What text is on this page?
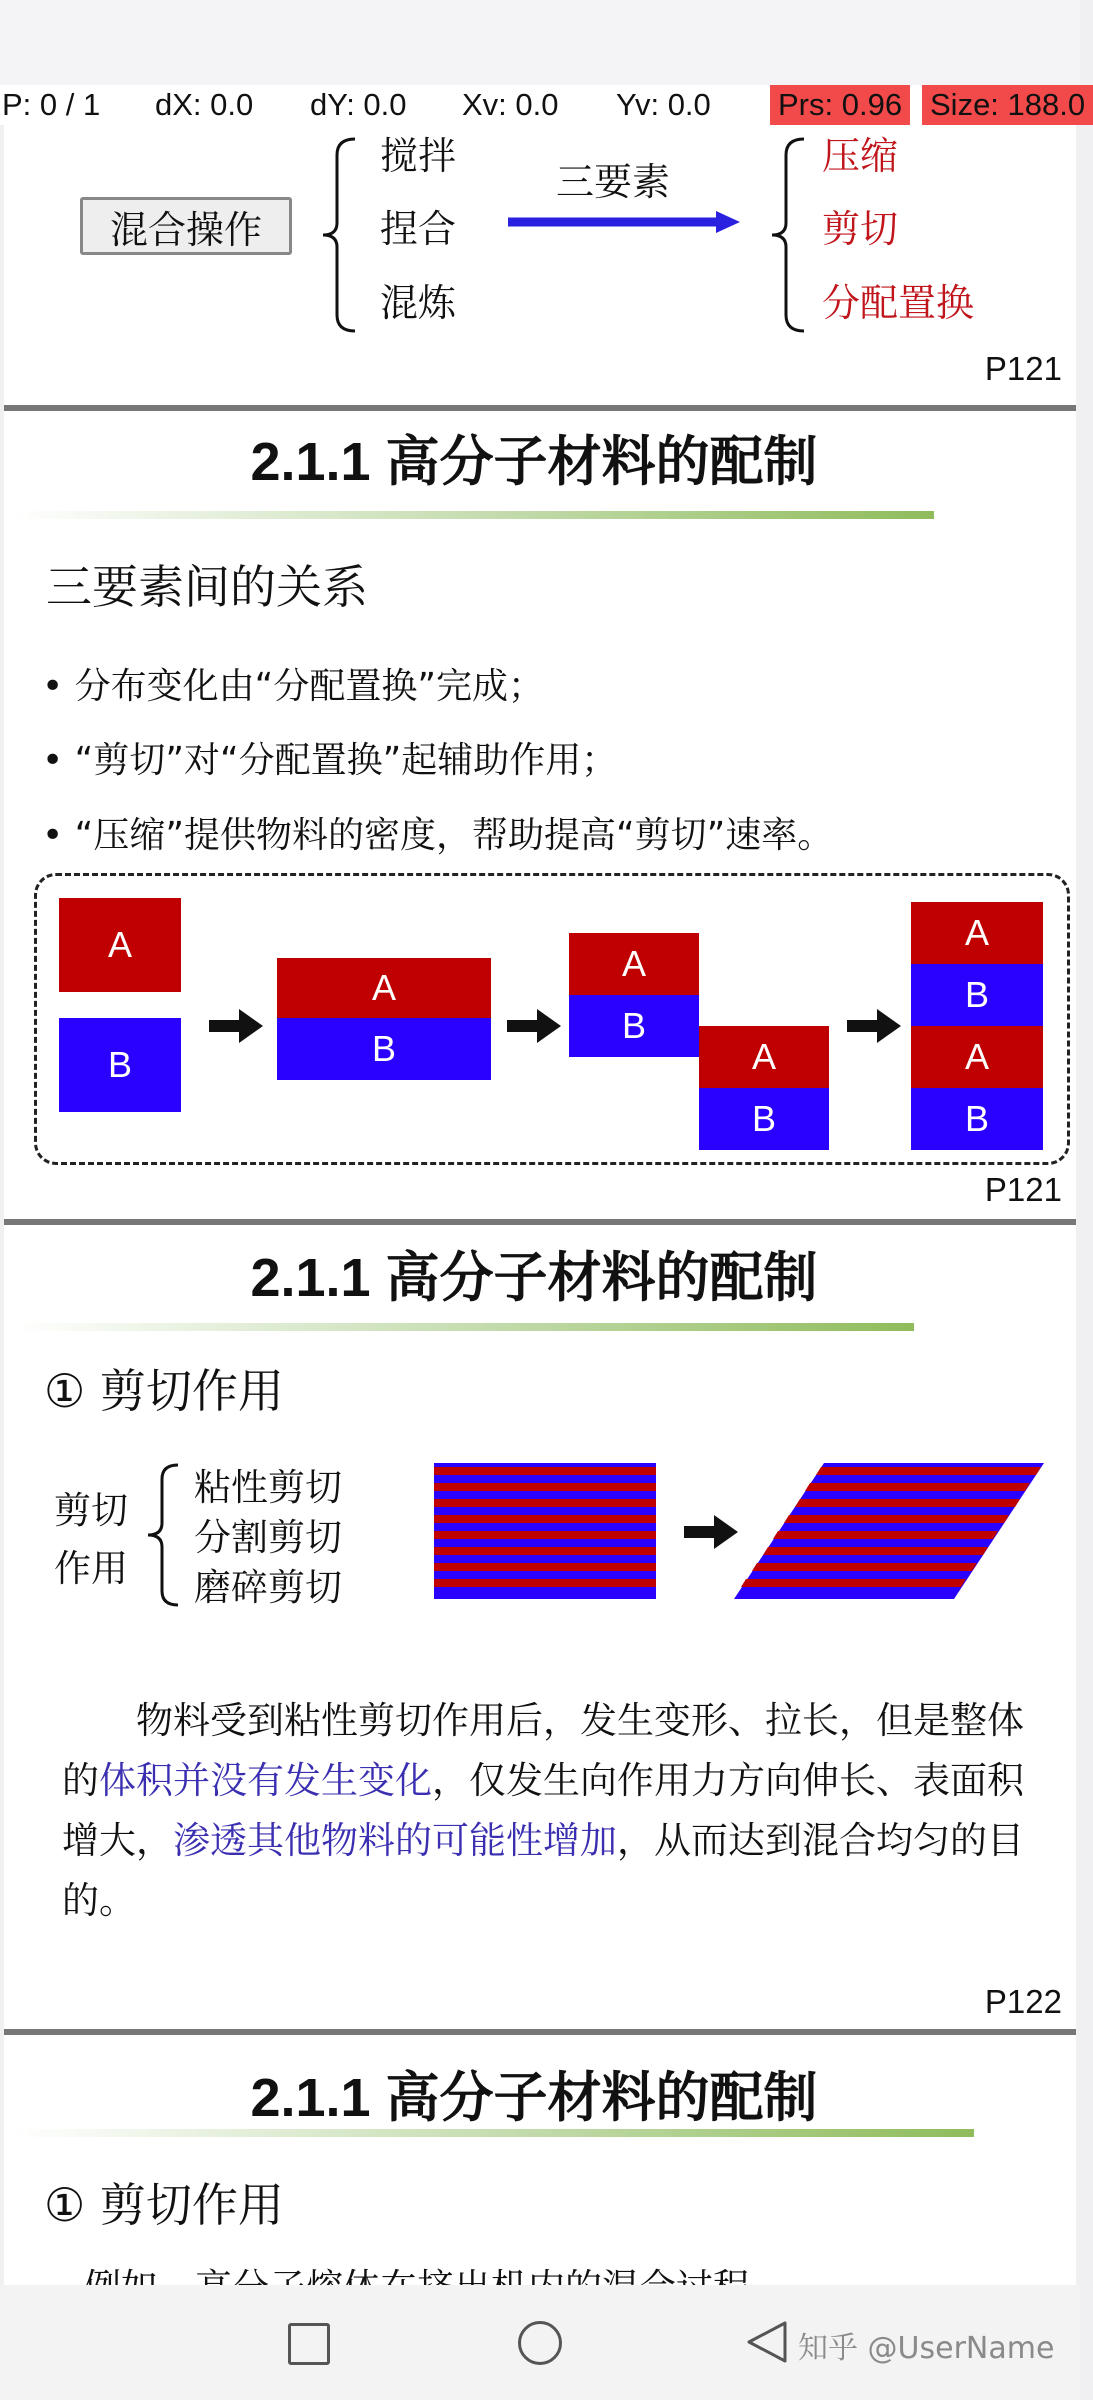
P: 0 / 1 dX: 0.0 dY: 0.0 Xv: 0.0 Yv: 0.0 Prs: 0.96 Size: 188.0
混合操作
搅拌
捏合
混炼
三要素
压缩
剪切
分配置换
P121
2.1.1 高分子材料的配制
三要素间的关系
• 分布变化由“分配置换”完成；
• “剪切”对“分配置换”起辅助作用；
• “压缩”提供物料的密度，帮助提高“剪切”速率。
A
B
A
B
A
B
A
B
A
B
A
B
P121
2.1.1 高分子材料的配制
① 剪切作用
剪切
作用
粘性剪切
分割剪切
磨碎剪切
物料受到粘性剪切作用后，发生变形、拉长，但是整体的体积并没有发生变化，仅发生向作用力方向伸长、表面积增大，渗透其他物料的可能性增加，从而达到混合均匀的目的。
P122
2.1.1 高分子材料的配制
① 剪切作用
知乎 @UserName
